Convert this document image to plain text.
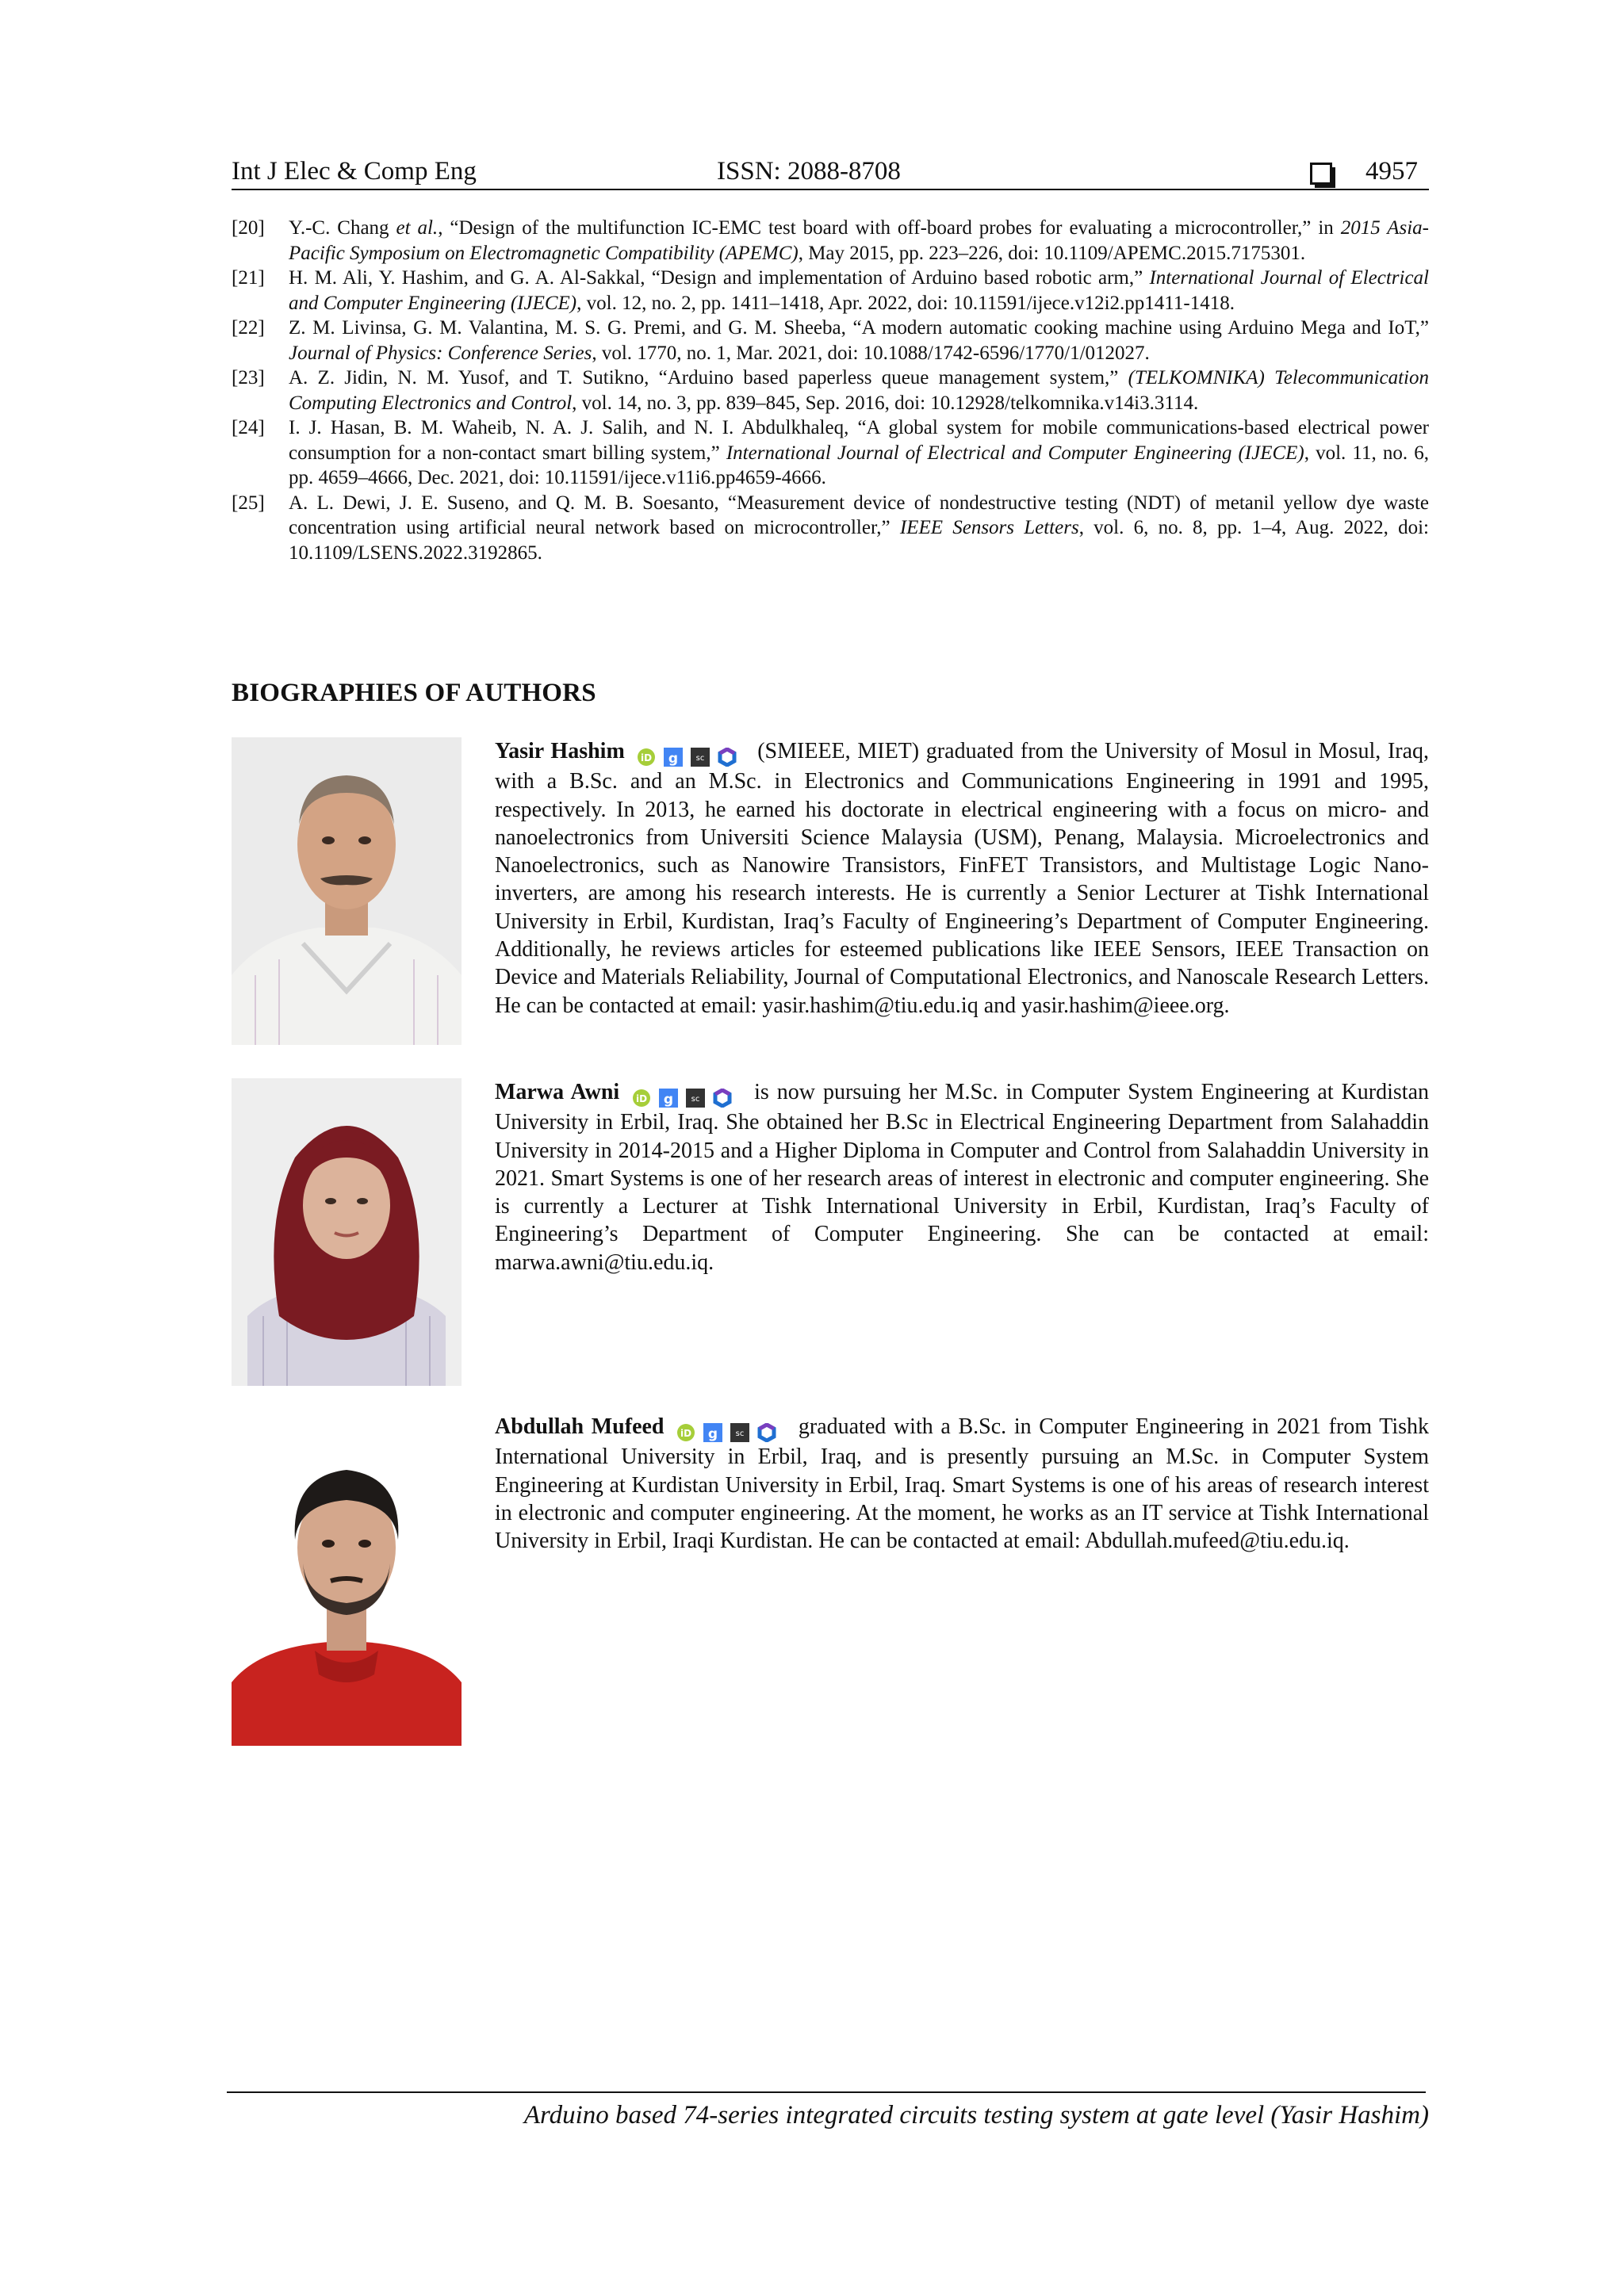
Int J Elec & Comp Eng	ISSN: 2088-8708	4957
[20] Y.-C. Chang et al., “Design of the multifunction IC-EMC test board with off-board probes for evaluating a microcontroller,” in 2015 Asia-Pacific Symposium on Electromagnetic Compatibility (APEMC), May 2015, pp. 223–226, doi: 10.1109/APEMC.2015.7175301.
[21] H. M. Ali, Y. Hashim, and G. A. Al-Sakkal, “Design and implementation of Arduino based robotic arm,” International Journal of Electrical and Computer Engineering (IJECE), vol. 12, no. 2, pp. 1411–1418, Apr. 2022, doi: 10.11591/ijece.v12i2.pp1411-1418.
[22] Z. M. Livinsa, G. M. Valantina, M. S. G. Premi, and G. M. Sheeba, “A modern automatic cooking machine using Arduino Mega and IoT,” Journal of Physics: Conference Series, vol. 1770, no. 1, Mar. 2021, doi: 10.1088/1742-6596/1770/1/012027.
[23] A. Z. Jidin, N. M. Yusof, and T. Sutikno, “Arduino based paperless queue management system,” (TELKOMNIKA) Telecommunication Computing Electronics and Control, vol. 14, no. 3, pp. 839–845, Sep. 2016, doi: 10.12928/telkomnika.v14i3.3114.
[24] I. J. Hasan, B. M. Waheib, N. A. J. Salih, and N. I. Abdulkhaleq, “A global system for mobile communications-based electrical power consumption for a non-contact smart billing system,” International Journal of Electrical and Computer Engineering (IJECE), vol. 11, no. 6, pp. 4659–4666, Dec. 2021, doi: 10.11591/ijece.v11i6.pp4659-4666.
[25] A. L. Dewi, J. E. Suseno, and Q. M. B. Soesanto, “Measurement device of nondestructive testing (NDT) of metanil yellow dye waste concentration using artificial neural network based on microcontroller,” IEEE Sensors Letters, vol. 6, no. 8, pp. 1–4, Aug. 2022, doi: 10.1109/LSENS.2022.3192865.
BIOGRAPHIES OF AUTHORS
Yasir Hashim iD g sc (SMIEEE, MIET) graduated from the University of Mosul in Mosul, Iraq, with a B.Sc. and an M.Sc. in Electronics and Communications Engineering in 1991 and 1995, respectively. In 2013, he earned his doctorate in electrical engineering with a focus on micro- and nanoelectronics from Universiti Science Malaysia (USM), Penang, Malaysia. Microelectronics and Nanoelectronics, such as Nanowire Transistors, FinFET Transistors, and Multistage Logic Nano-inverters, are among his research interests. He is currently a Senior Lecturer at Tishk International University in Erbil, Kurdistan, Iraq’s Faculty of Engineering’s Department of Computer Engineering. Additionally, he reviews articles for esteemed publications like IEEE Sensors, IEEE Transaction on Device and Materials Reliability, Journal of Computational Electronics, and Nanoscale Research Letters. He can be contacted at email: yasir.hashim@tiu.edu.iq and yasir.hashim@ieee.org.
Marwa Awni iD g sc is now pursuing her M.Sc. in Computer System Engineering at Kurdistan University in Erbil, Iraq. She obtained her B.Sc in Electrical Engineering Department from Salahaddin University in 2014-2015 and a Higher Diploma in Computer and Control from Salahaddin University in 2021. Smart Systems is one of her research areas of interest in electronic and computer engineering. She is currently a Lecturer at Tishk International University in Erbil, Kurdistan, Iraq’s Faculty of Engineering’s Department of Computer Engineering. She can be contacted at email: marwa.awni@tiu.edu.iq.
Abdullah Mufeed iD g sc graduated with a B.Sc. in Computer Engineering in 2021 from Tishk International University in Erbil, Iraq, and is presently pursuing an M.Sc. in Computer System Engineering at Kurdistan University in Erbil, Iraq. Smart Systems is one of his areas of research interest in electronic and computer engineering. At the moment, he works as an IT service at Tishk International University in Erbil, Iraqi Kurdistan. He can be contacted at email: Abdullah.mufeed@tiu.edu.iq.
Arduino based 74-series integrated circuits testing system at gate level (Yasir Hashim)
